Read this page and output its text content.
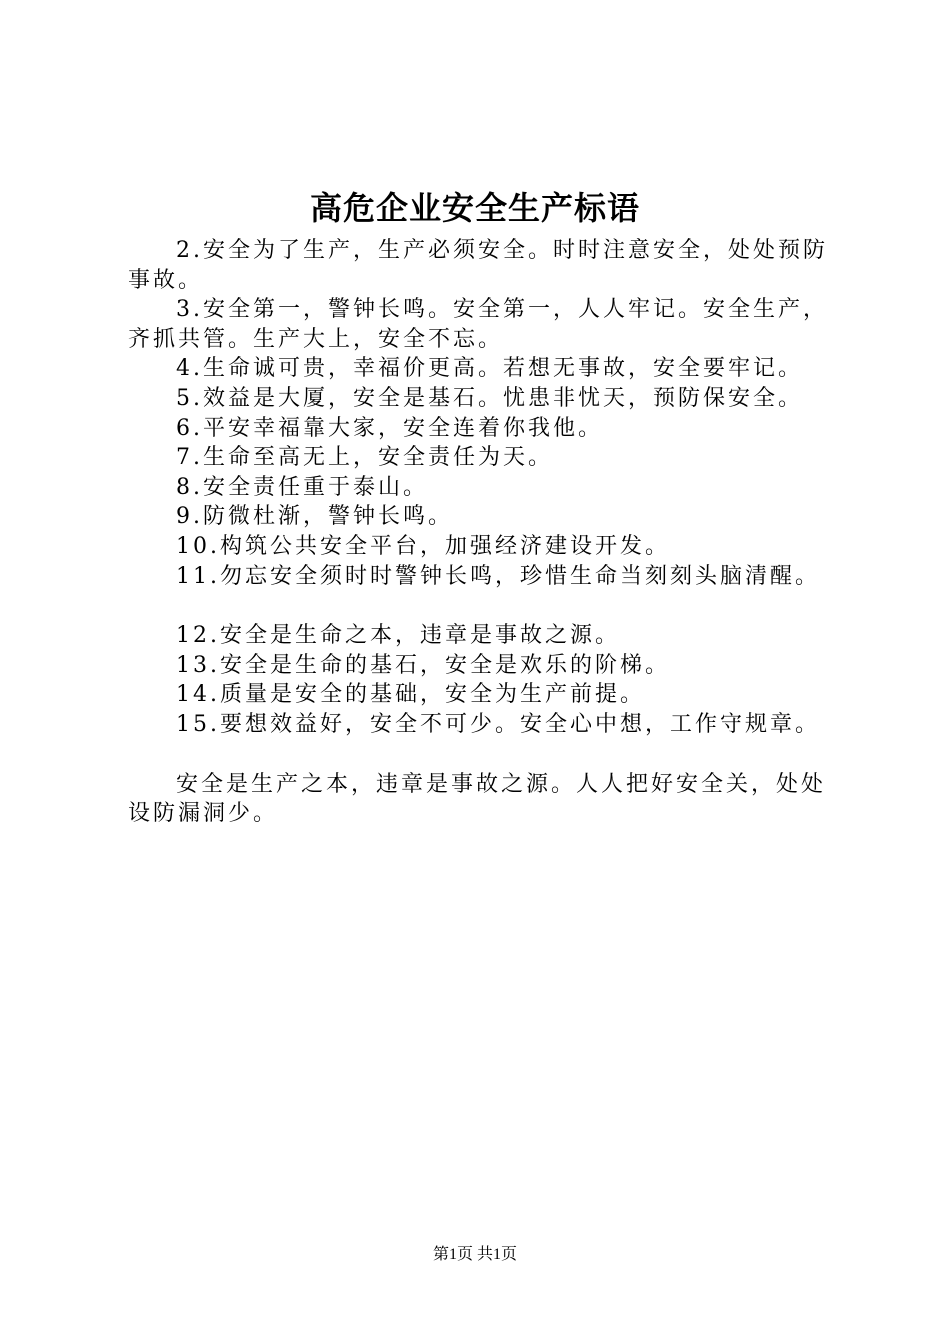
高危企业安全生产标语

2.安全为了生产，生产必须安全。时时注意安全，处处预防事故。

3.安全第一，警钟长鸣。安全第一，人人牢记。安全生产，齐抓共管。生产大上，安全不忘。

4.生命诚可贵，幸福价更高。若想无事故，安全要牢记。

5.效益是大厦，安全是基石。忧患非忧天，预防保安全。

6.平安幸福靠大家，安全连着你我他。

7.生命至高无上，安全责任为天。

8.安全责任重于泰山。

9.防微杜渐，警钟长鸣。

10.构筑公共安全平台，加强经济建设开发。

11.勿忘安全须时时警钟长鸣，珍惜生命当刻刻头脑清醒。

12.安全是生命之本，违章是事故之源。

13.安全是生命的基石，安全是欢乐的阶梯。

14.质量是安全的基础，安全为生产前提。

15.要想效益好，安全不可少。安全心中想，工作守规章。

安全是生产之本，违章是事故之源。人人把好安全关，处处设防漏洞少。

第1页 共1页
